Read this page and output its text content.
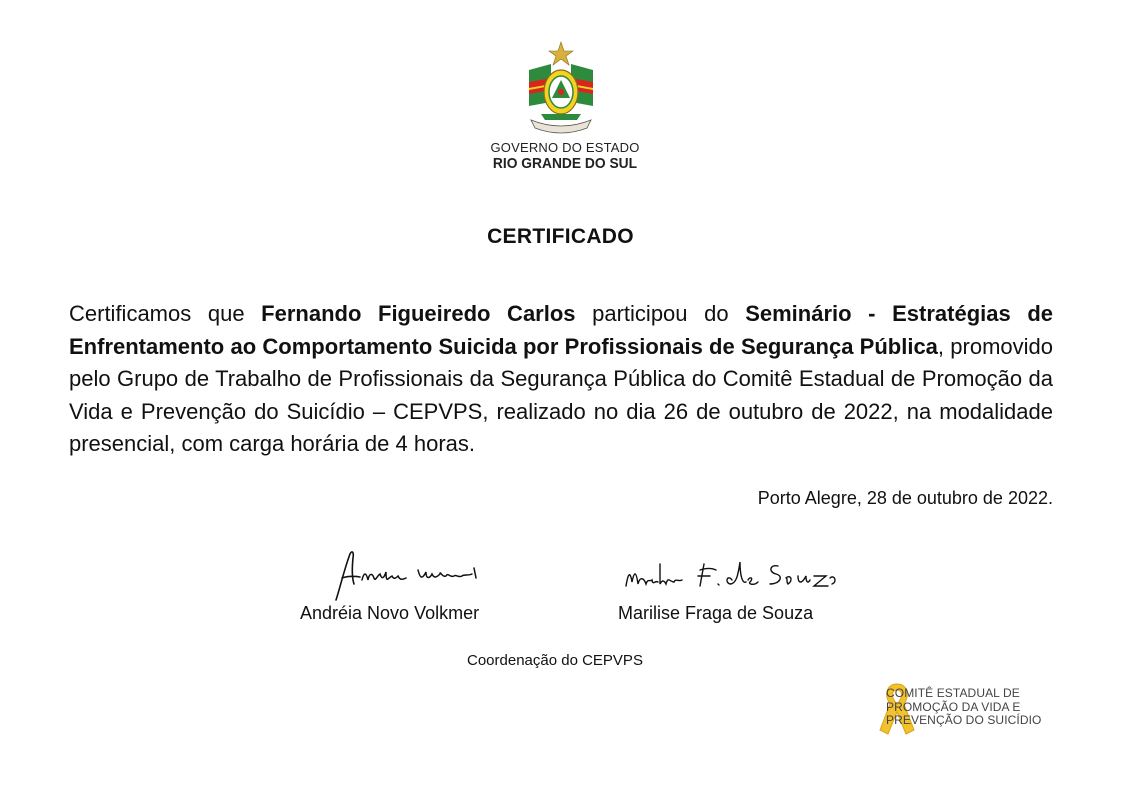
GOVERNO DO ESTADO
RIO GRANDE DO SUL
CERTIFICADO
Certificamos que Fernando Figueiredo Carlos participou do Seminário - Estratégias de Enfrentamento ao Comportamento Suicida por Profissionais de Segurança Pública, promovido pelo Grupo de Trabalho de Profissionais da Segurança Pública do Comitê Estadual de Promoção da Vida e Prevenção do Suicídio – CEPVPS, realizado no dia 26 de outubro de 2022, na modalidade presencial, com carga horária de 4 horas.
Porto Alegre, 28 de outubro de 2022.
Andréia Novo Volkmer	Marilise Fraga de Souza
Coordenação do CEPVPS
COMITÊ ESTADUAL DE
PROMOÇÃO DA VIDA E
PREVENÇÃO DO SUICÍDIO
